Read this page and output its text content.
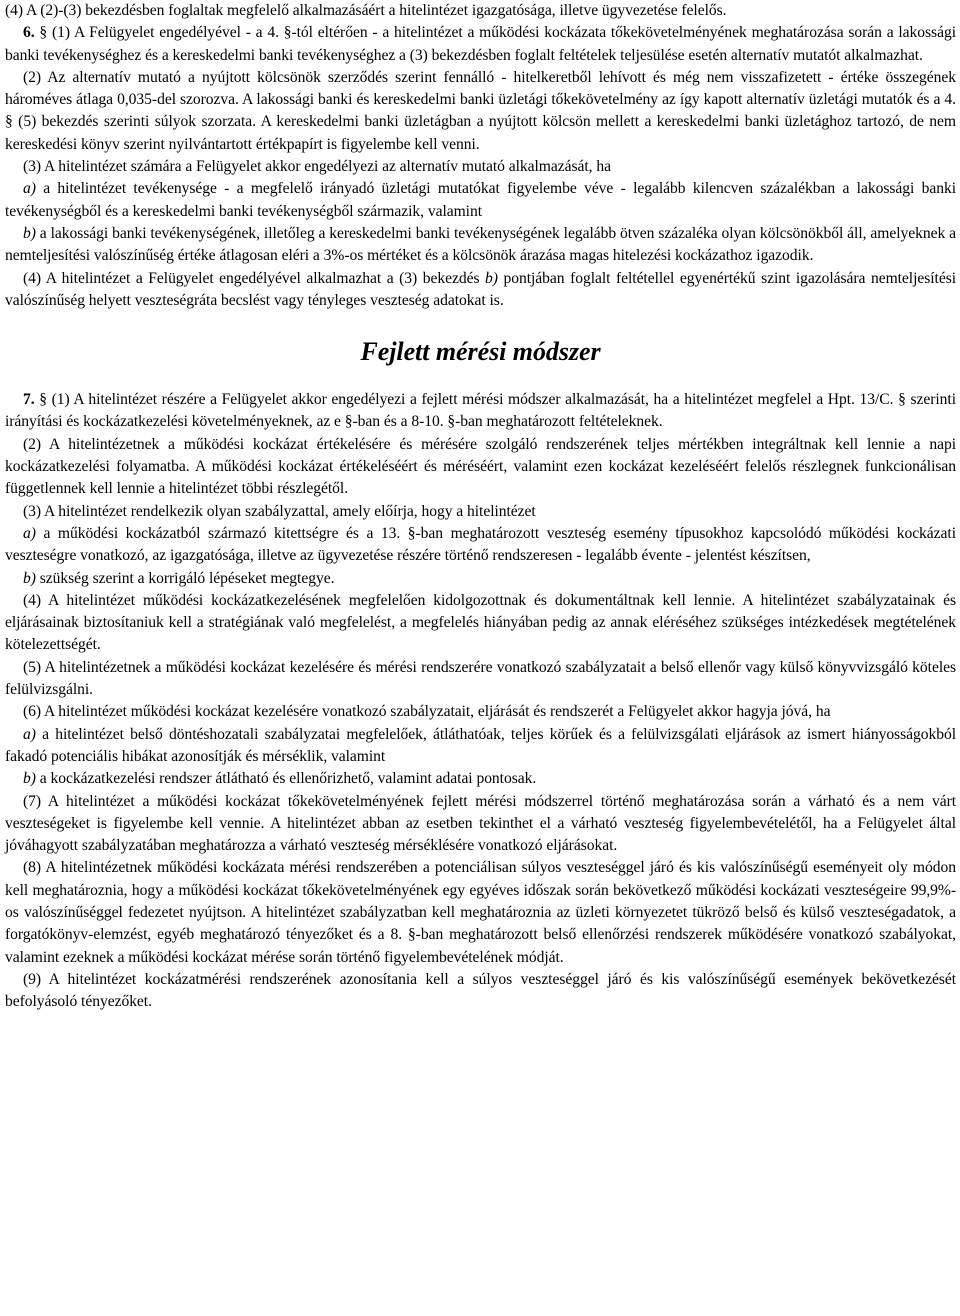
(4) A (2)-(3) bekezdésben foglaltak megfelelő alkalmazásáért a hitelintézet igazgatósága, illetve ügyvezetése felelős.

6. § (1) A Felügyelet engedélyével - a 4. §-tól eltérően - a hitelintézet a működési kockázata tőkekövetelményének meghatározása során a lakossági banki tevékenységhez és a kereskedelmi banki tevékenységhez a (3) bekezdésben foglalt feltételek teljesülése esetén alternatív mutatót alkalmazhat.

(2) Az alternatív mutató a nyújtott kölcsönök szerződés szerint fennálló - hitelkeretből lehívott és még nem visszafizetett - értéke összegének hároméves átlaga 0,035-del szorozva. A lakossági banki és kereskedelmi banki üzletági tőkekövetelmény az így kapott alternatív üzletági mutatók és a 4. § (5) bekezdés szerinti súlyok szorzata. A kereskedelmi banki üzletágban a nyújtott kölcsön mellett a kereskedelmi banki üzletághoz tartozó, de nem kereskedési könyv szerint nyilvántartott értékpapírt is figyelembe kell venni.

(3) A hitelintézet számára a Felügyelet akkor engedélyezi az alternatív mutató alkalmazását, ha

a) a hitelintézet tevékenysége - a megfelelő irányadó üzletági mutatókat figyelembe véve - legalább kilencven százalékban a lakossági banki tevékenységből és a kereskedelmi banki tevékenységből származik, valamint

b) a lakossági banki tevékenységének, illetőleg a kereskedelmi banki tevékenységének legalább ötven százaléka olyan kölcsönökből áll, amelyeknek a nemteljesítési valószínűség értéke átlagosan eléri a 3%-os mértéket és a kölcsönök árazása magas hitelezési kockázathoz igazodik.

(4) A hitelintézet a Felügyelet engedélyével alkalmazhat a (3) bekezdés b) pontjában foglalt feltétellel egyenértékű szint igazolására nemteljesítési valószínűség helyett veszteségráta becslést vagy tényleges veszteség adatokat is.

Fejlett mérési módszer

7. § (1) A hitelintézet részére a Felügyelet akkor engedélyezi a fejlett mérési módszer alkalmazását, ha a hitelintézet megfelel a Hpt. 13/C. § szerinti irányítási és kockázatkezelési követelményeknek, az e §-ban és a 8-10. §-ban meghatározott feltételeknek.

(2) A hitelintézetnek a működési kockázat értékelésére és mérésére szolgáló rendszerének teljes mértékben integráltnak kell lennie a napi kockázatkezelési folyamatba. A működési kockázat értékeléséért és méréséért, valamint ezen kockázat kezeléséért felelős részlegnek funkcionálisan függetlennek kell lennie a hitelintézet többi részlegétől.

(3) A hitelintézet rendelkezik olyan szabályzattal, amely előírja, hogy a hitelintézet

a) a működési kockázatból származó kitettségre és a 13. §-ban meghatározott veszteség esemény típusokhoz kapcsolódó működési kockázati veszteségre vonatkozó, az igazgatósága, illetve az ügyvezetése részére történő rendszeresen - legalább évente - jelentést készítsen,

b) szükség szerint a korrigáló lépéseket megtegye.

(4) A hitelintézet működési kockázatkezelésének megfelelően kidolgozottnak és dokumentáltnak kell lennie. A hitelintézet szabályzatainak és eljárásainak biztosítaniuk kell a stratégiának való megfelelést, a megfelelés hiányában pedig az annak eléréséhez szükséges intézkedések megtételének kötelezettségét.

(5) A hitelintézetnek a működési kockázat kezelésére és mérési rendszerére vonatkozó szabályzatait a belső ellenőr vagy külső könyvvizsgáló köteles felülvizsgálni.

(6) A hitelintézet működési kockázat kezelésére vonatkozó szabályzatait, eljárását és rendszerét a Felügyelet akkor hagyja jóvá, ha

a) a hitelintézet belső döntéshozatali szabályzatai megfelelőek, átláthatóak, teljes körűek és a felülvizsgálati eljárások az ismert hiányosságokból fakadó potenciális hibákat azonosítják és mérséklik, valamint

b) a kockázatkezelési rendszer átlátható és ellenőrizhető, valamint adatai pontosak.

(7) A hitelintézet a működési kockázat tőkekövetelményének fejlett mérési módszerrel történő meghatározása során a várható és a nem várt veszteségeket is figyelembe kell vennie. A hitelintézet abban az esetben tekinthet el a várható veszteség figyelembevételétől, ha a Felügyelet által jóváhagyott szabályzatában meghatározza a várható veszteség mérséklésére vonatkozó eljárásokat.

(8) A hitelintézetnek működési kockázata mérési rendszerében a potenciálisan súlyos veszteséggel járó és kis valószínűségű eseményeit oly módon kell meghatároznia, hogy a működési kockázat tőkekövetelményének egy egyéves időszak során bekövetkező működési kockázati veszteségeire 99,9%-os valószínűséggel fedezetet nyújtson. A hitelintézet szabályzatban kell meghatároznia az üzleti környezetet tükröző belső és külső veszteségadatok, a forgatókönyv-elemzést, egyéb meghatározó tényezőket és a 8. §-ban meghatározott belső ellenőrzési rendszerek működésére vonatkozó szabályokat, valamint ezeknek a működési kockázat mérése során történő figyelembevételének módját.

(9) A hitelintézet kockázatmérési rendszerének azonosítania kell a súlyos veszteséggel járó és kis valószínűségű események bekövetkezését befolyásoló tényezőket.
